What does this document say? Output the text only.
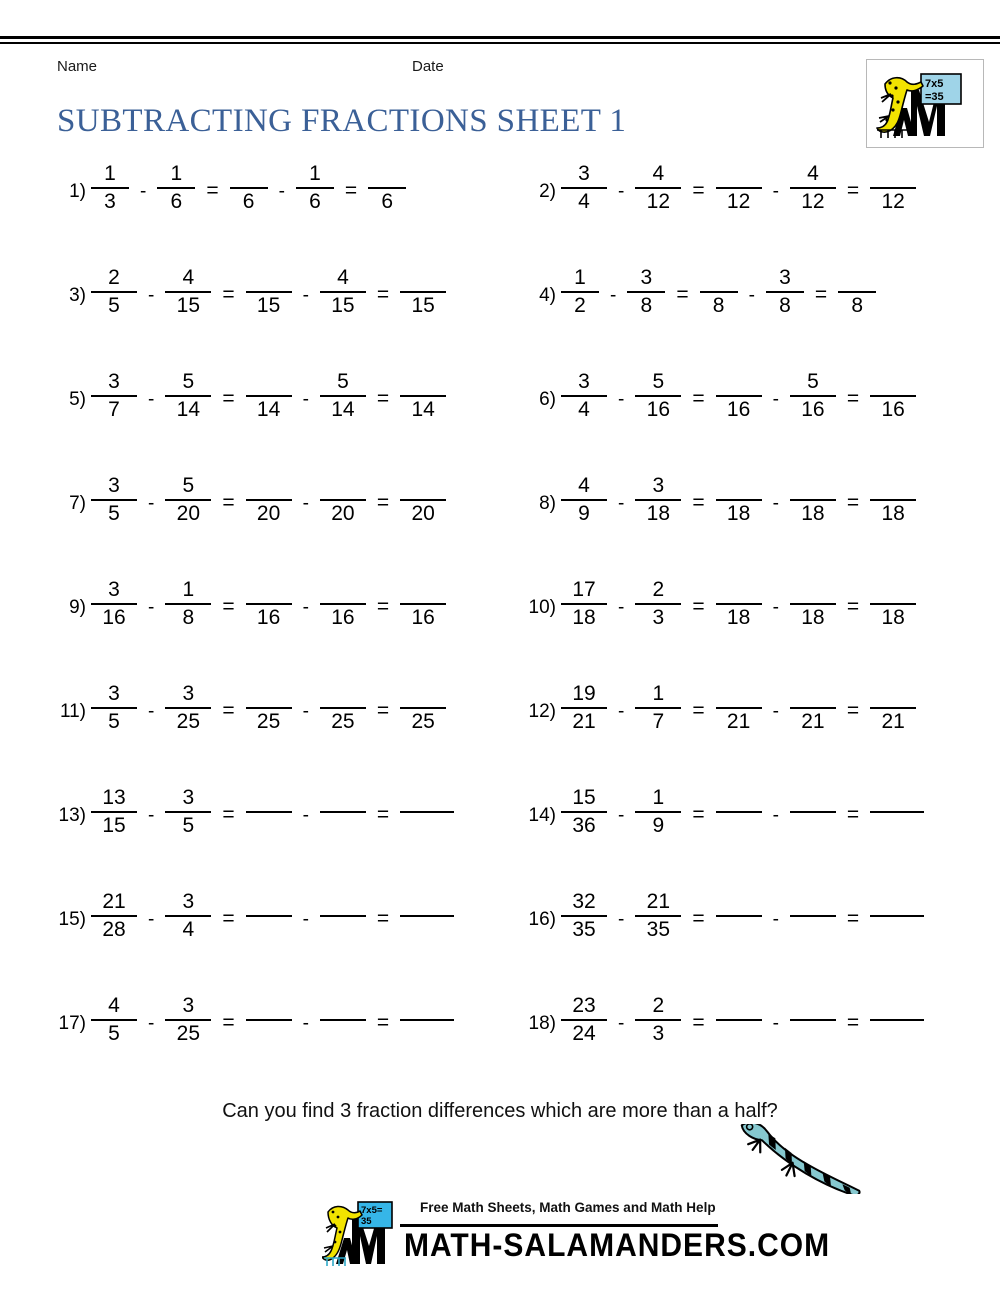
Name	Date
SUBTRACTING FRACTIONS SHEET 1
7x5
=35
$1) \frac{1}{3} - \frac{1}{6} = 6 - \frac{1}{6} = 6$	$2) \frac{3}{4} - \frac{4}{12} = 12 - \frac{4}{12} = 12$
$3) \frac{2}{5} - \frac{4}{15} = 15 - \frac{4}{15} = 15$	$4) \frac{1}{2} - \frac{3}{8} = 8 - \frac{3}{8} = 8$
$5) \frac{3}{7} - \frac{5}{14} = 14 - \frac{5}{14} = 14$	$6) \frac{3}{4} - \frac{5}{16} = 16 - \frac{5}{16} = 16$
$7) \frac{3}{5} - \frac{5}{20} = 20 - 20 = 20$	$8) \frac{4}{9} - \frac{3}{18} = 18 - 18 = 18$
$9) \frac{3}{16} - \frac{1}{8} = 16 - 16 = 16$	$10) \frac{17}{18} - \frac{2}{3} = 18 - 18 = 18$
$11) \frac{3}{5} - \frac{3}{25} = 25 - 25 = 25$	$12) \frac{19}{21} - \frac{1}{7} = 21 - 21 = 21$
$13) \frac{13}{15} - \frac{3}{5}$ =	-	=	$14) \frac{15}{36} - \frac{1}{9}$ =	-	=
$15) \frac{21}{28} - \frac{3}{4}$ =	-	=	$16) \frac{32}{35} - \frac{21}{35}$ =	-	=
$17) \frac{4}{5} - \frac{3}{25}$ =	-	=	$18) \frac{23}{24} - \frac{2}{3}$ =	-	=
Can you find 3 fraction differences which are more than a half?
7x5=
35
Free Math Sheets, Math Games and Math Help
MATH-SALAMANDERS.COM
